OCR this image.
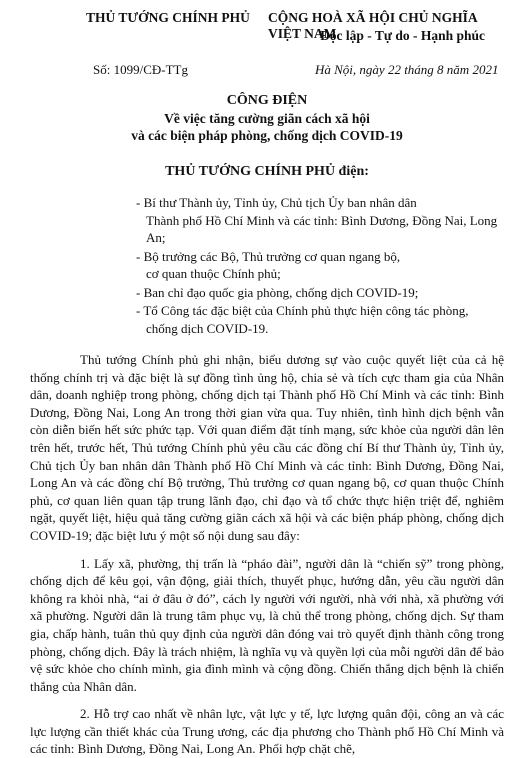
THỦ TƯỚNG CHÍNH PHỦ CỘNG HOÀ XÃ HỘI CHỦ NGHĨA VIỆT NAM
Độc lập - Tự do - Hạnh phúc
Số: 1099/CĐ-TTg	Hà Nội, ngày 22 tháng 8 năm 2021
CÔNG ĐIỆN
Về việc tăng cường giãn cách xã hội
và các biện pháp phòng, chống dịch COVID-19
THỦ TƯỚNG CHÍNH PHỦ điện:
- Bí thư Thành ủy, Tỉnh ủy, Chủ tịch Ủy ban nhân dân
Thành phố Hồ Chí Minh và các tỉnh: Bình Dương, Đồng Nai, Long An;
- Bộ trưởng các Bộ, Thủ trưởng cơ quan ngang bộ,
cơ quan thuộc Chính phủ;
- Ban chỉ đạo quốc gia phòng, chống dịch COVID-19;
- Tổ Công tác đặc biệt của Chính phủ thực hiện công tác phòng,
chống dịch COVID-19.

Thủ tướng Chính phủ ghi nhận, biểu dương sự vào cuộc quyết liệt của cả hệ thống chính trị và đặc biệt là sự đồng tình ủng hộ, chia sẻ và tích cực tham gia của Nhân dân, doanh nghiệp trong phòng, chống dịch tại Thành phố Hồ Chí Minh và các tỉnh: Bình Dương, Đồng Nai, Long An trong thời gian vừa qua. Tuy nhiên, tình hình dịch bệnh vẫn còn diễn biến hết sức phức tạp. Với quan điểm đặt tính mạng, sức khỏe của người dân lên trên hết, trước hết, Thủ tướng Chính phủ yêu cầu các đồng chí Bí thư Thành ủy, Tỉnh ủy, Chủ tịch Ủy ban nhân dân Thành phố Hồ Chí Minh và các tỉnh: Bình Dương, Đồng Nai, Long An và các đồng chí Bộ trưởng, Thủ trưởng cơ quan ngang bộ, cơ quan thuộc Chính phủ, cơ quan liên quan tập trung lãnh đạo, chỉ đạo và tổ chức thực hiện triệt để, nghiêm ngặt, quyết liệt, hiệu quả tăng cường giãn cách xã hội và các biện pháp phòng, chống dịch COVID-19; đặc biệt lưu ý một số nội dung sau đây:

1. Lấy xã, phường, thị trấn là “pháo đài”, người dân là “chiến sỹ” trong phòng, chống dịch để kêu gọi, vận động, giải thích, thuyết phục, hướng dẫn, yêu cầu người dân không ra khỏi nhà, “ai ở đâu ở đó”, cách ly người với người, nhà với nhà, xã phường với xã phường. Người dân là trung tâm phục vụ, là chủ thể trong phòng, chống dịch. Sự tham gia, chấp hành, tuân thủ quy định của người dân đóng vai trò quyết định thành công trong phòng, chống dịch. Đây là trách nhiệm, là nghĩa vụ và quyền lợi của mỗi người dân để bảo vệ sức khỏe cho chính mình, gia đình mình và cộng đồng. Chiến thắng dịch bệnh là chiến thắng của Nhân dân.

2. Hỗ trợ cao nhất về nhân lực, vật lực y tế, lực lượng quân đội, công an và các lực lượng cần thiết khác của Trung ương, các địa phương cho Thành phố Hồ Chí Minh và các tỉnh: Bình Dương, Đồng Nai, Long An. Phối hợp chặt chẽ,
